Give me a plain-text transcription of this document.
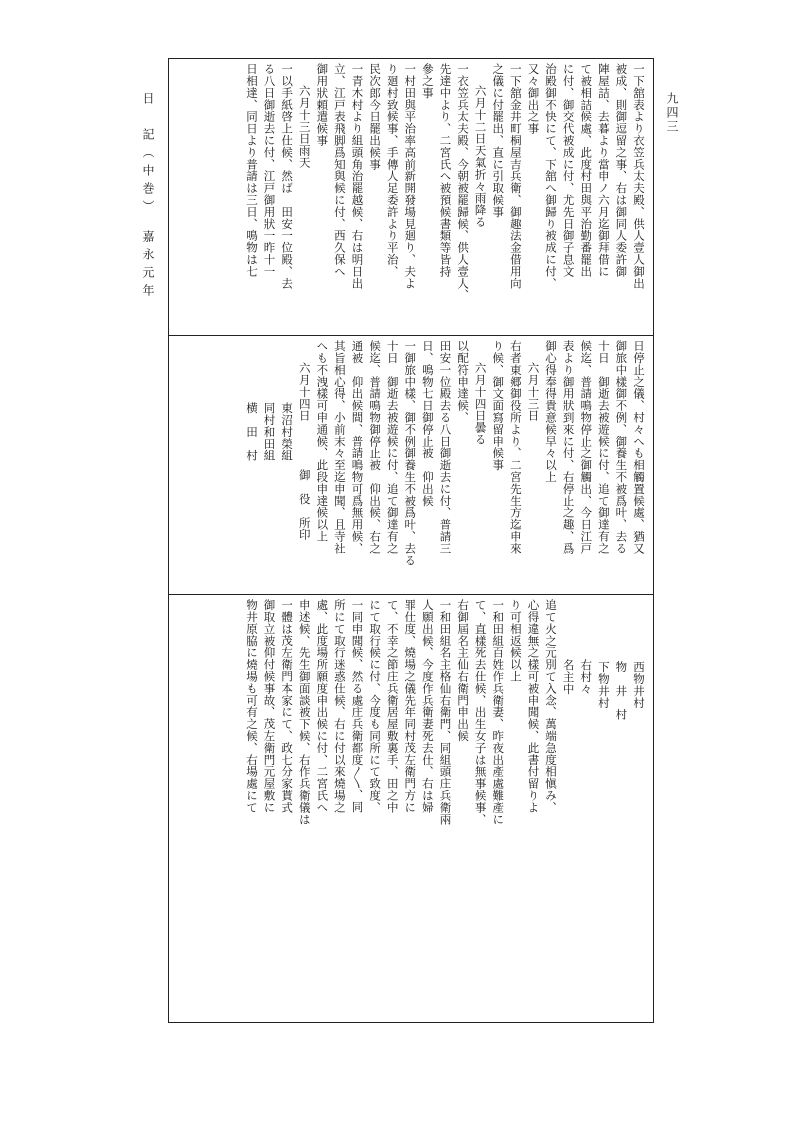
日　記（中巻）　嘉永元年	九四三
一下舘表より衣笠兵太夫殿、供人壹人御出
被成、則御逗留之事、右は御同人委許御
陣屋詰、去暮より當申ノ六月迄御拜借に
て被相詰候處、此度村田與平治勤番罷出
に付、御交代被成に付、尤先日御子息文
治殿御不快にて、下舘へ御歸り被成に付、
又々御出之事
一下舘金井町桐屋吉兵衛、御趣法金借用向
之儀に付罷出、直に引取候事
六月十二日天氣折々雨降る
一衣笠兵太夫殿、今朝被罷歸候、供人壹人、
先達中より、二宮氏へ被預候書類等皆持
參之事
一村田與平治率高前新開發場見廻り、夫よ
り廻村致候事、手傳人足委許より平治、
民次郎今日罷出候事
一青木村より組頭角治罷越候、右は明日出
立、江戸表飛脚爲知與候に付、西久保へ
御用狀頼遣候事
六月十三日雨天
一以手紙啓上仕候、然ば　田安一位殿、去
る八日御逝去に付、江戸御用狀一昨十一
日相達、同日より普請は三日、鳴物は七
日停止之儀、村々へも相觸置候處、猶又
御旅中樣御不例、御養生不被爲叶、去る
十日　御逝去被遊候に付、追て御達有之
候迄、普請鳴物停止之御觸出、今日江戸
表より御用狀到來に付、右停止之趣、爲
御心得奉得貴意候早々以上
六月十三日
右者東郷御役所より、二宮先生方迄申來
り候、御文面寫留申候事
六月十四日曇る
以配符申達候、
田安一位殿去る八日御逝去に付、普請三
日、鳴物七日御停止被　仰出候
一御旅中樣、御不例御養生不被爲叶、去る
十日　御逝去被遊候に付、追て御達有之
候迄、普請鳴物御停止被　仰出候、右之
通被　仰出候間、普請鳴物可爲無用候、
其旨相心得、小前末々至迄申聞、且寺社
へも不洩樣可申通候、此段申達候以上
六月十四日　　　　御　役　所印
東沼村榮組
同村和田組
横　田　村
西物井村
物　井　村
下物井村
右村々
名主中
追て火之元別て入念、萬端急度相愼み、
心得違無之樣可被申聞候、此書付留りよ
り可相返候以上
一和田組百姓作兵衛妻、昨夜出產處難產に
て、直樣死去仕候、出生女子は無事候事、
右御屆名主仙右衛門申出候
一和田組名主格仙右衛門、同組頭庄兵衛兩
人願出候、今度作兵衛妻死去仕、右は婦
罪仕度、燒場之儀先年同村茂左衛門方に
て、不幸之節庄兵衛居屋敷裏手、田之中
にて取行候に付、今度も同所にて致度、
一同申聞候、然る處庄兵衛都度〳〵、同
所にて取行迷惑仕候、右に付以來燒場之
處、此度場所願度申出候に付、二宮氏へ
申述候、先生御面談被下候、右作兵衛儀は
一體は茂左衛門本家にて、政七分家貰式
御取立被仰付候事故、茂左衛門元屋敷に
物井原脇に燒場も可有之候、右場處にて
